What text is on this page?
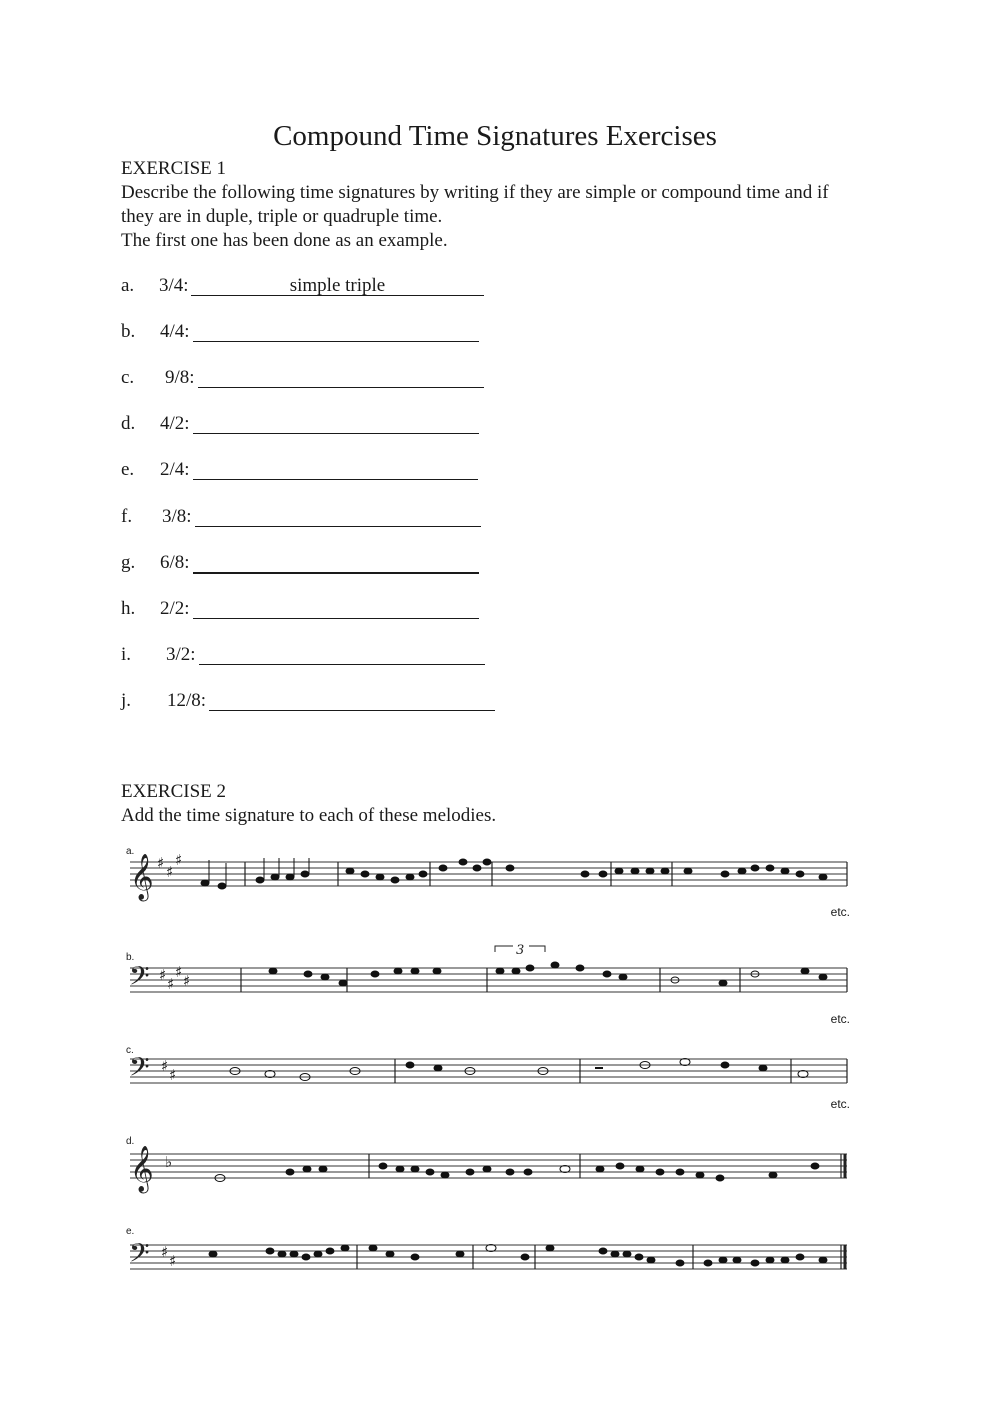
Compound Time Signatures Exercises
EXERCISE 1
Describe the following time signatures by writing if they are simple or compound time and if
they are in duple, triple or quadruple time.
The first one has been done as an example.
a. 3/4:	simple triple
b. 4/4:
c. 9/8:
d. 4/2:
e. 2/4:
f. 3/8:
g. 6/8:
h. 2/2:
i. 3/2:
j. 12/8:
EXERCISE 2
Add the time signature to each of these melodies.
a.
𝄞 ♯ ♯
♯
etc.
b.
𝄢 ♯ ♯
♯ ♯
3
etc.
c.
𝄢 ♯ ♯
etc.
d.
𝄞 ♭
e.
𝄢 ♯ ♯
